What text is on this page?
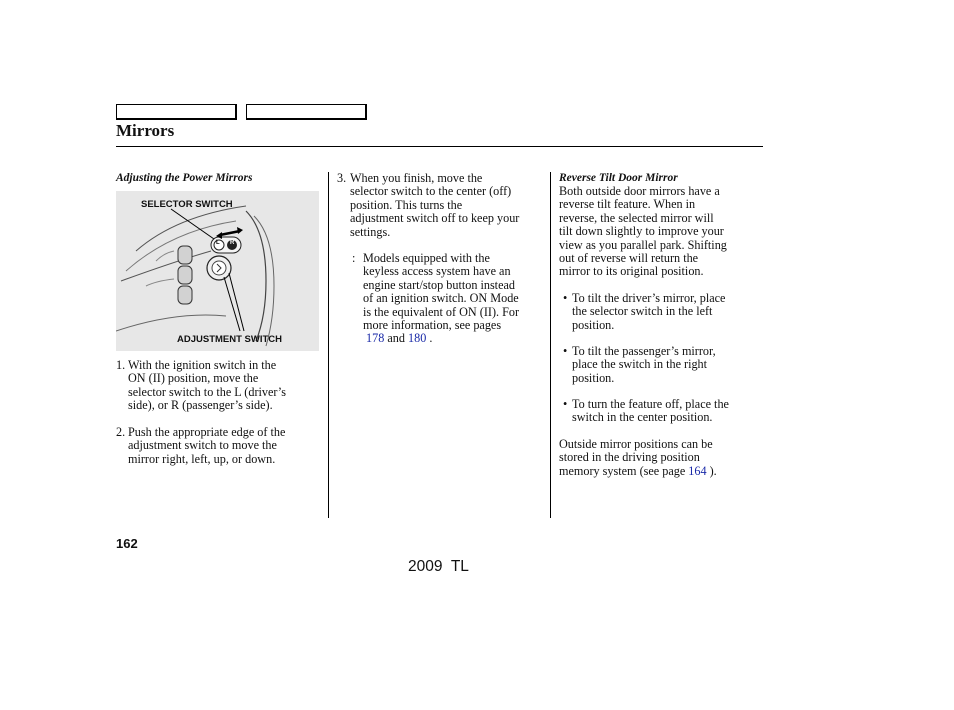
Mirrors
Adjusting the Power Mirrors
SELECTOR SWITCH
ADJUSTMENT SWITCH
L R
1. With the ignition switch in the
ON (II) position, move the
selector switch to the L (driver’s
side), or R (passenger’s side).
2. Push the appropriate edge of the
adjustment switch to move the
mirror right, left, up, or down.
3. When you finish, move the
selector switch to the center (off)
position. This turns the
adjustment switch off to keep your
settings.
: Models equipped with the
keyless access system have an
engine start/stop button instead
of an ignition switch. ON Mode
is the equivalent of ON (II). For
more information, see pages
178 and 180 .
Reverse Tilt Door Mirror
Both outside door mirrors have a
reverse tilt feature. When in
reverse, the selected mirror will
tilt down slightly to improve your
view as you parallel park. Shifting
out of reverse will return the
mirror to its original position.
• To tilt the driver’s mirror, place
the selector switch in the left
position.
• To tilt the passenger’s mirror,
place the switch in the right
position.
• To turn the feature off, place the
switch in the center position.
Outside mirror positions can be
stored in the driving position
memory system (see page 164 ).
162
2009  TL
